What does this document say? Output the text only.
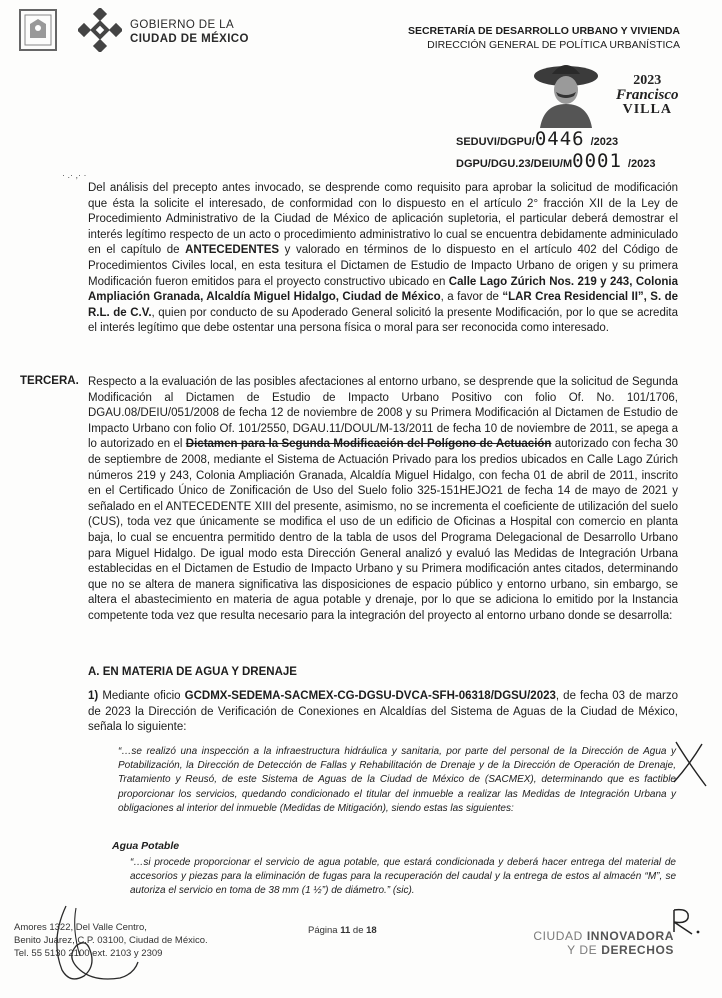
GOBIERNO DE LA
CIUDAD DE MÉXICO
SECRETARÍA DE DESARROLLO URBANO Y VIVIENDA
DIRECCIÓN GENERAL DE POLÍTICA URBANÍSTICA
2023
Francisco
VILLA
SEDUVI/DGPU/0446 /2023
DGPU/DGU.23/DEIU/M0001 /2023
· .· ,· ·
Del análisis del precepto antes invocado, se desprende como requisito para aprobar la solicitud de modificación que ésta la solicite el interesado, de conformidad con lo dispuesto en el artículo 2° fracción XII de la Ley de Procedimiento Administrativo de la Ciudad de México de aplicación supletoria, el particular deberá demostrar el interés legítimo respecto de un acto o procedimiento administrativo lo cual se encuentra debidamente adminiculado en el capítulo de ANTECEDENTES y valorado en términos de lo dispuesto en el artículo 402 del Código de Procedimientos Civiles local, en esta tesitura el Dictamen de Estudio de Impacto Urbano de origen y su primera Modificación fueron emitidos para el proyecto constructivo ubicado en Calle Lago Zúrich Nos. 219 y 243, Colonia Ampliación Granada, Alcaldía Miguel Hidalgo, Ciudad de México, a favor de “LAR Crea Residencial II”, S. de R.L. de C.V., quien por conducto de su Apoderado General solicitó la presente Modificación, por lo que se acredita el interés legítimo que debe ostentar una persona física o moral para ser reconocida como interesado.
TERCERA. Respecto a la evaluación de las posibles afectaciones al entorno urbano, se desprende que la solicitud de Segunda Modificación al Dictamen de Estudio de Impacto Urbano Positivo con folio Of. No. 101/1706, DGAU.08/DEIU/051/2008 de fecha 12 de noviembre de 2008 y su Primera Modificación al Dictamen de Estudio de Impacto Urbano con folio Of. 101/2550, DGAU.11/DOUL/M-13/2011 de fecha 10 de noviembre de 2011, se apega a lo autorizado en el Dictamen para la Segunda Modificación del Polígono de Actuación autorizado con fecha 30 de septiembre de 2008, mediante el Sistema de Actuación Privado para los predios ubicados en Calle Lago Zúrich números 219 y 243, Colonia Ampliación Granada, Alcaldía Miguel Hidalgo, con fecha 01 de abril de 2011, inscrito en el Certificado Único de Zonificación de Uso del Suelo folio 325-151HEJO21 de fecha 14 de mayo de 2021 y señalado en el ANTECEDENTE XIII del presente, asimismo, no se incrementa el coeficiente de utilización del suelo (CUS), toda vez que únicamente se modifica el uso de un edificio de Oficinas a Hospital con comercio en planta baja, lo cual se encuentra permitido dentro de la tabla de usos del Programa Delegacional de Desarrollo Urbano para Miguel Hidalgo. De igual modo esta Dirección General analizó y evaluó las Medidas de Integración Urbana establecidas en el Dictamen de Estudio de Impacto Urbano y su Primera modificación antes citados, determinando que no se altera de manera significativa las disposiciones de espacio público y entorno urbano, sin embargo, se altera el abastecimiento en materia de agua potable y drenaje, por lo que se adiciona lo emitido por la Instancia competente toda vez que resulta necesario para la integración del proyecto al entorno urbano donde se desarrolla:
A. EN MATERIA DE AGUA Y DRENAJE
1) Mediante oficio GCDMX-SEDEMA-SACMEX-CG-DGSU-DVCA-SFH-06318/DGSU/2023, de fecha 03 de marzo de 2023 la Dirección de Verificación de Conexiones en Alcaldías del Sistema de Aguas de la Ciudad de México, señala lo siguiente:
“…se realizó una inspección a la infraestructura hidráulica y sanitaria, por parte del personal de la Dirección de Agua y Potabilización, la Dirección de Detección de Fallas y Rehabilitación de Drenaje y de la Dirección de Operación de Drenaje, Tratamiento y Reusó, de este Sistema de Aguas de la Ciudad de México de (SACMEX), determinando que es factible proporcionar los servicios, quedando condicionado el titular del inmueble a realizar las Medidas de Integración Urbana y obligaciones al interior del inmueble (Medidas de Mitigación), siendo estas las siguientes:
Agua Potable
“…si procede proporcionar el servicio de agua potable, que estará condicionada y deberá hacer entrega del material de accesorios y piezas para la eliminación de fugas para la recuperación del caudal y la entrega de estos al almacén “M”, se autoriza el servicio en toma de 38 mm (1 ½”) de diámetro.” (sic).
Amores 1322, Del Valle Centro,
Benito Juárez, C.P. 03100, Ciudad de México.
Tel. 55 5130 2100 ext. 2103 y 2309
Página 11 de 18	CIUDAD INNOVADORA
Y DE DERECHOS
